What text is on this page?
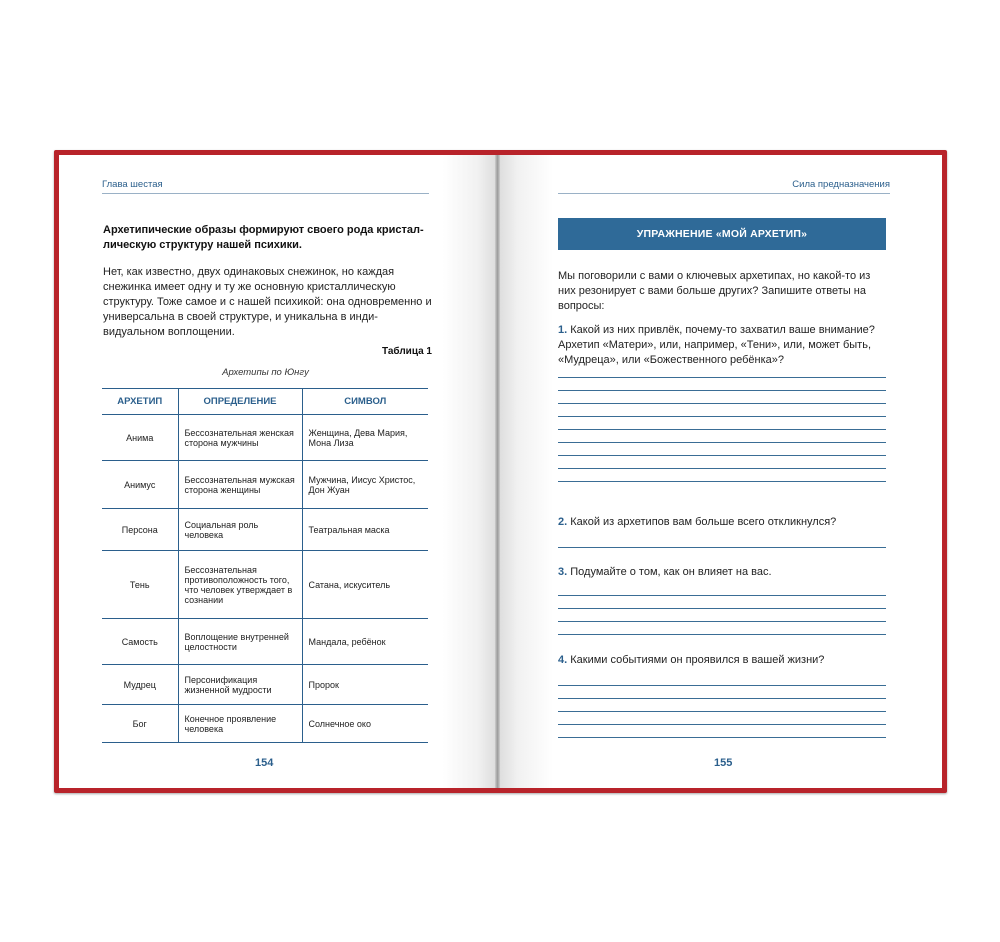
Глава шестая
Архетипические образы формируют своего рода кристаллическую структуру нашей психики.
Нет, как известно, двух одинаковых снежинок, но каждая снежинка имеет одну и ту же основную кристаллическую структуру. Тоже самое и с нашей психикой: она одновременно и универсальна в своей структуре, и уникальна в индивидуальном воплощении.
Таблица 1
Архетипы по Юнгу
АРХЕТИП	ОПРЕДЕЛЕНИЕ	СИМВОЛ
Анима	Бессознательная женская сторона мужчины	Женщина, Дева Мария, Мона Лиза
Анимус	Бессознательная мужская сторона женщины	Мужчина, Иисус Христос, Дон Жуан
Персона	Социальная роль человека	Театральная маска
Тень	Бессознательная противоположность того, что человек утверждает в сознании	Сатана, искуситель
Самость	Воплощение внутренней целостности	Мандала, ребёнок
Мудрец	Персонификация жизненной мудрости	Пророк
Бог	Конечное проявление человека	Солнечное око
154
Сила предназначения
УПРАЖНЕНИЕ «МОЙ АРХЕТИП»
Мы поговорили с вами о ключевых архетипах, но какой-то из них резонирует с вами больше других? Запишите ответы на вопросы:
1. Какой из них привлёк, почему-то захватил ваше внимание? Архетип «Матери», или, например, «Тени», или, может быть, «Мудреца», или «Божественного ребёнка»?
2. Какой из архетипов вам больше всего откликнулся?
3. Подумайте о том, как он влияет на вас.
4. Какими событиями он проявился в вашей жизни?
155
